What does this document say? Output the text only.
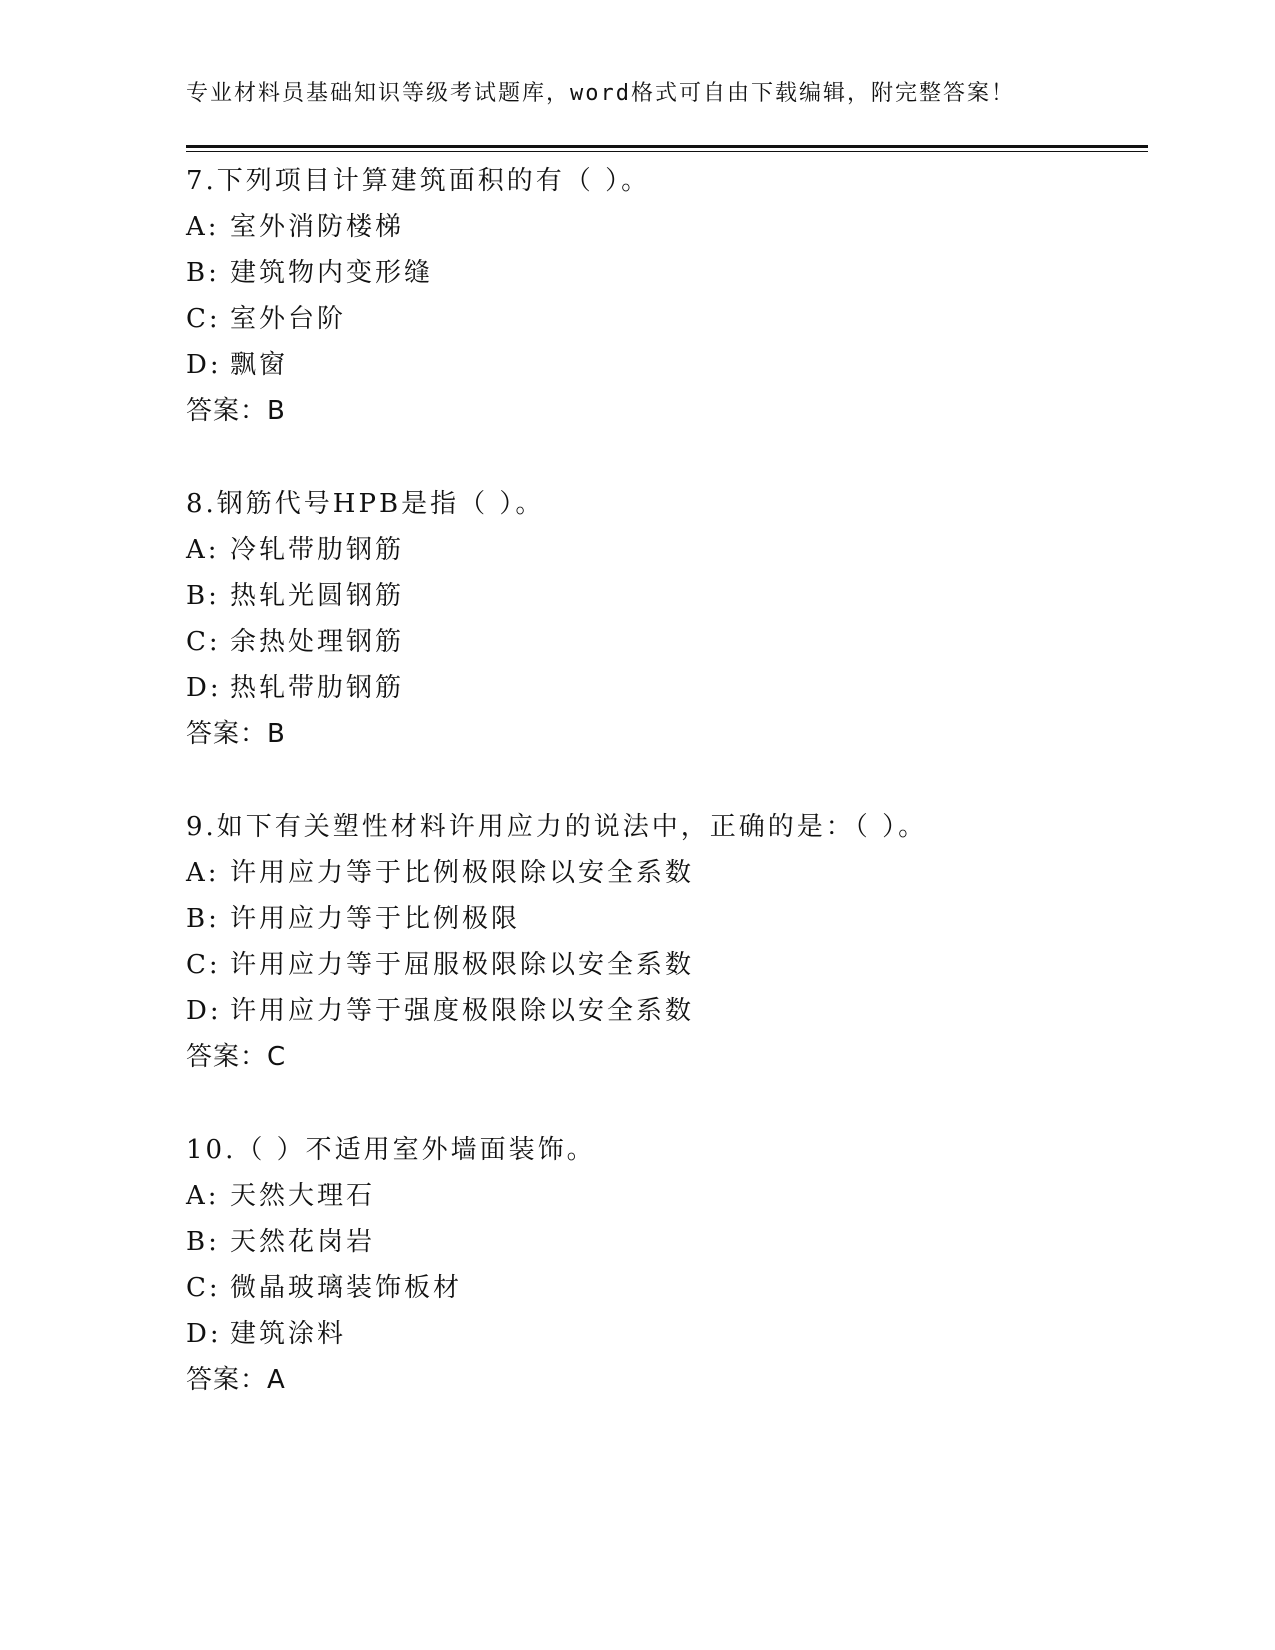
专业材料员基础知识等级考试题库，word格式可自由下载编辑，附完整答案！
7.下列项目计算建筑面积的有（ ）。
A: 室外消防楼梯
B: 建筑物内变形缝
C: 室外台阶
D: 飘窗
答案：B
8.钢筋代号HPB是指（ ）。
A: 冷轧带肋钢筋
B: 热轧光圆钢筋
C: 余热处理钢筋
D: 热轧带肋钢筋
答案：B
9.如下有关塑性材料许用应力的说法中，正确的是：（ ）。
A: 许用应力等于比例极限除以安全系数
B: 许用应力等于比例极限
C: 许用应力等于屈服极限除以安全系数
D: 许用应力等于强度极限除以安全系数
答案：C
10.（ ）不适用室外墙面装饰。
A: 天然大理石
B: 天然花岗岩
C: 微晶玻璃装饰板材
D: 建筑涂料
答案：A
